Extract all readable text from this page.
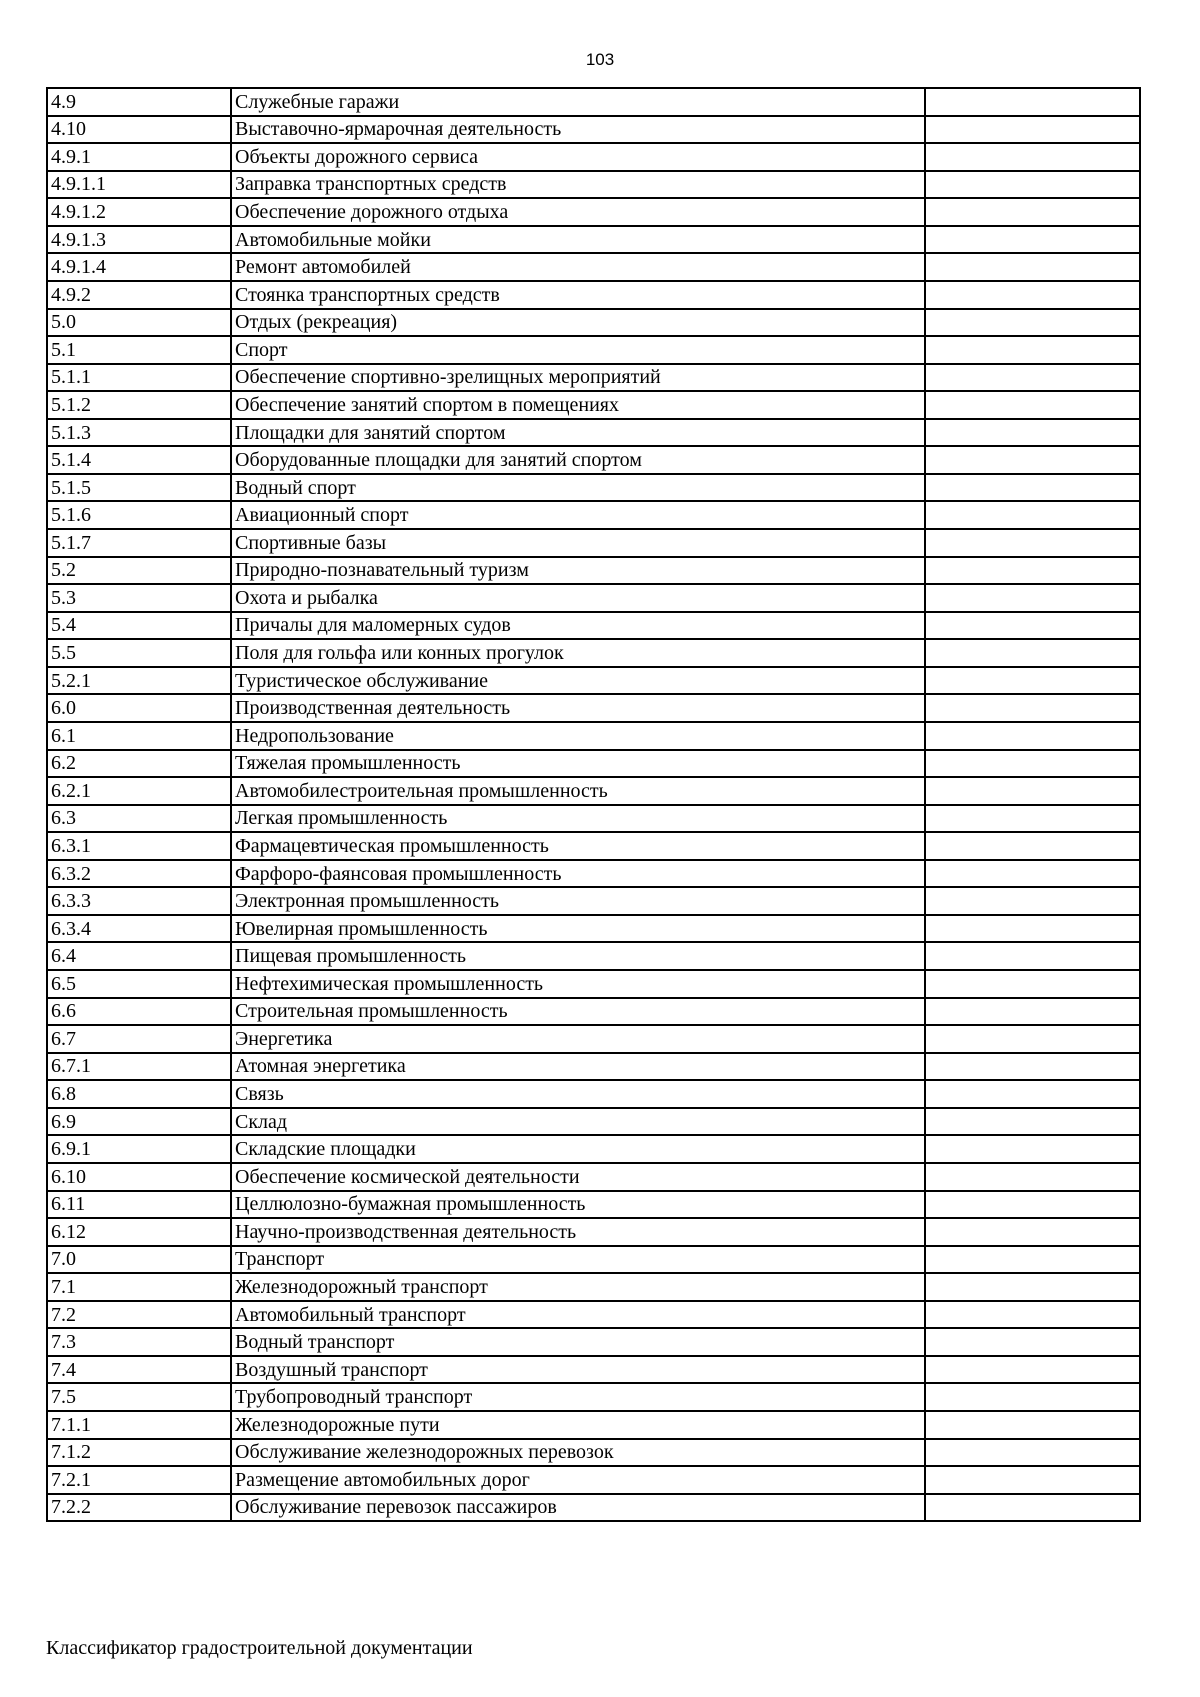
103
4.9	Служебные гаражи	
4.10	Выставочно-ярмарочная деятельность	
4.9.1	Объекты дорожного сервиса	
4.9.1.1	Заправка транспортных средств	
4.9.1.2	Обеспечение дорожного отдыха	
4.9.1.3	Автомобильные мойки	
4.9.1.4	Ремонт автомобилей	
4.9.2	Стоянка транспортных средств	
5.0	Отдых (рекреация)	
5.1	Спорт	
5.1.1	Обеспечение спортивно-зрелищных мероприятий	
5.1.2	Обеспечение занятий спортом в помещениях	
5.1.3	Площадки для занятий спортом	
5.1.4	Оборудованные площадки для занятий спортом	
5.1.5	Водный спорт	
5.1.6	Авиационный спорт	
5.1.7	Спортивные базы	
5.2	Природно-познавательный туризм	
5.3	Охота и рыбалка	
5.4	Причалы для маломерных судов	
5.5	Поля для гольфа или конных прогулок	
5.2.1	Туристическое обслуживание	
6.0	Производственная деятельность	
6.1	Недропользование	
6.2	Тяжелая промышленность	
6.2.1	Автомобилестроительная промышленность	
6.3	Легкая промышленность	
6.3.1	Фармацевтическая промышленность	
6.3.2	Фарфоро-фаянсовая промышленность	
6.3.3	Электронная промышленность	
6.3.4	Ювелирная промышленность	
6.4	Пищевая промышленность	
6.5	Нефтехимическая промышленность	
6.6	Строительная промышленность	
6.7	Энергетика	
6.7.1	Атомная энергетика	
6.8	Связь	
6.9	Склад	
6.9.1	Складские площадки	
6.10	Обеспечение космической деятельности	
6.11	Целлюлозно-бумажная промышленность	
6.12	Научно-производственная деятельность	
7.0	Транспорт	
7.1	Железнодорожный транспорт	
7.2	Автомобильный транспорт	
7.3	Водный транспорт	
7.4	Воздушный транспорт	
7.5	Трубопроводный транспорт	
7.1.1	Железнодорожные пути	
7.1.2	Обслуживание железнодорожных перевозок	
7.2.1	Размещение автомобильных дорог	
7.2.2	Обслуживание перевозок пассажиров	
Классификатор градостроительной документации
